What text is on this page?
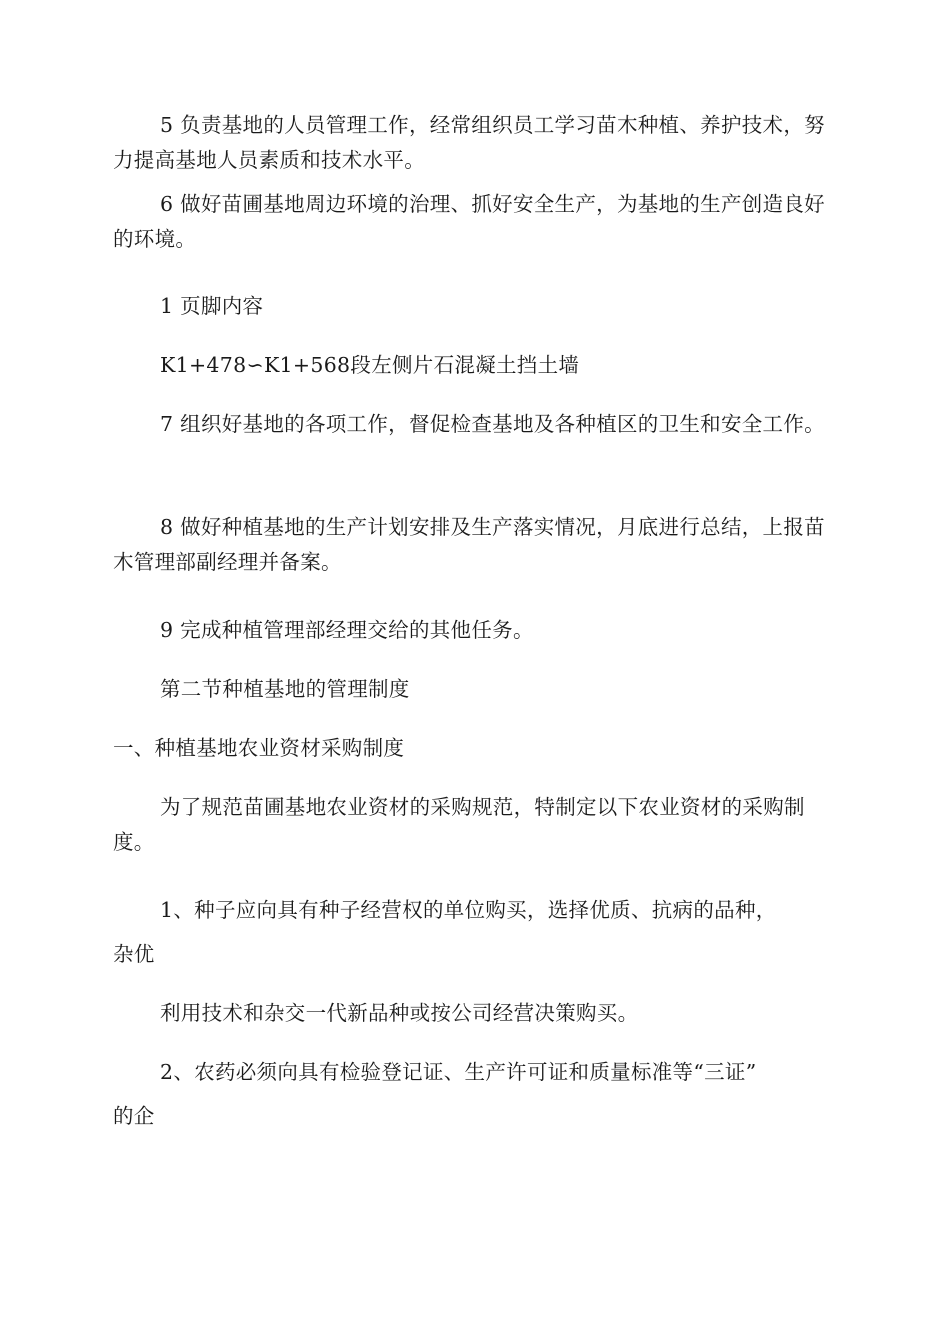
5 负责基地的人员管理工作，经常组织员工学习苗木种植、养护技术，努力提高基地人员素质和技术水平。

6 做好苗圃基地周边环境的治理、抓好安全生产，为基地的生产创造良好的环境。

1 页脚内容

K1+478∽K1+568段左侧片石混凝土挡土墙

7 组织好基地的各项工作，督促检查基地及各种植区的卫生和安全工作。

8 做好种植基地的生产计划安排及生产落实情况，月底进行总结，上报苗木管理部副经理并备案。

9 完成种植管理部经理交给的其他任务。

第二节种植基地的管理制度

一、种植基地农业资材采购制度

为了规范苗圃基地农业资材的采购规范，特制定以下农业资材的采购制度。

1、种子应向具有种子经营权的单位购买，选择优质、抗病的品种，

杂优

利用技术和杂交一代新品种或按公司经营决策购买。

2、农药必须向具有检验登记证、生产许可证和质量标准等“三证”

的企
